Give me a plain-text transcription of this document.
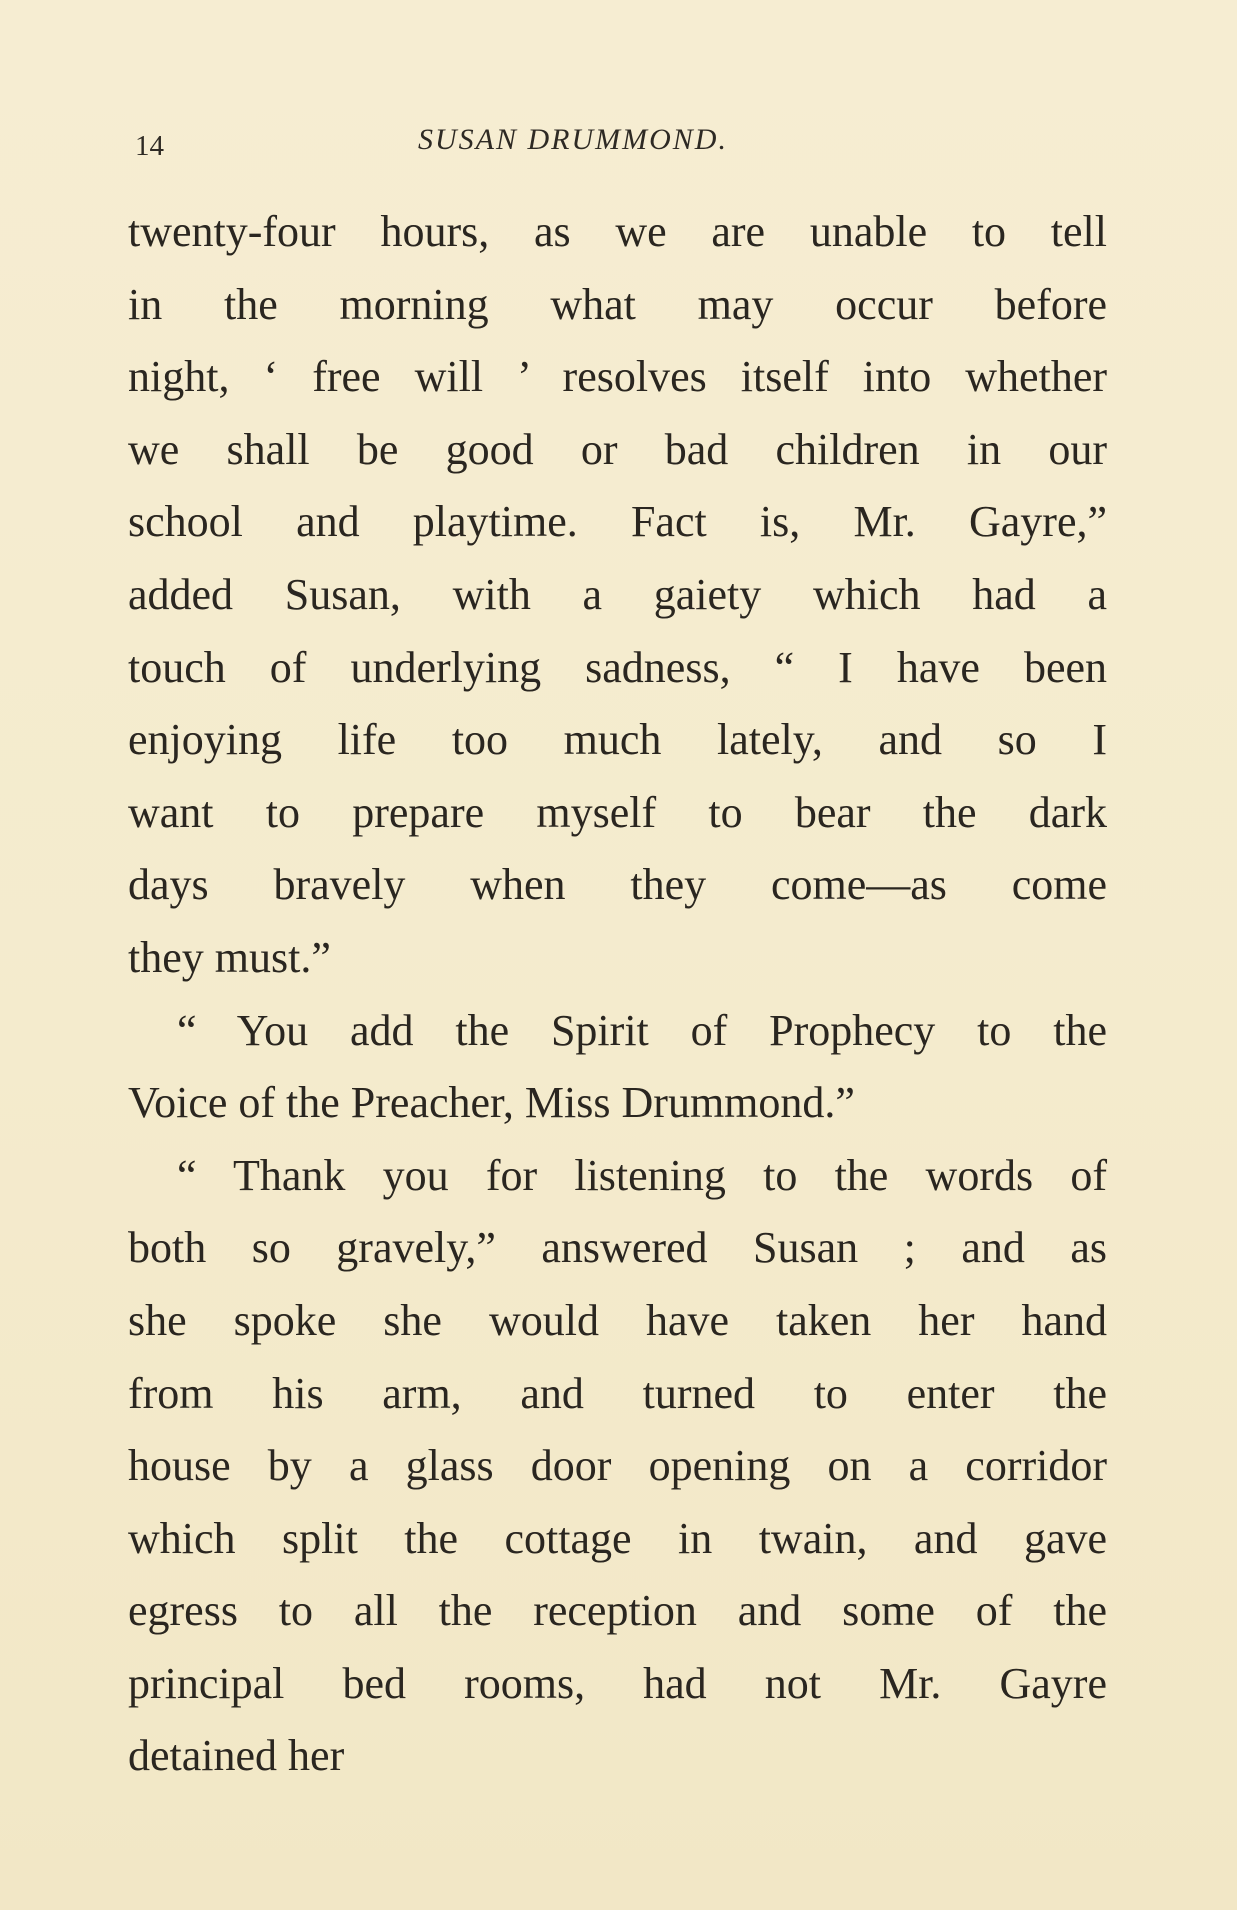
14	SUSAN DRUMMOND.
twenty-four hours, as we are unable to tell
in the morning what may occur before
night, ‘ free will ’ resolves itself into whether
we shall be good or bad children in our
school and playtime. Fact is, Mr. Gayre,”
added Susan, with a gaiety which had a
touch of underlying sadness, “ I have been
enjoying life too much lately, and so I
want to prepare myself to bear the dark
days bravely when they come—as come
they must.”
“ You add the Spirit of Prophecy to the
Voice of the Preacher, Miss Drummond.”
“ Thank you for listening to the words of
both so gravely,” answered Susan ; and as
she spoke she would have taken her hand
from his arm, and turned to enter the
house by a glass door opening on a corridor
which split the cottage in twain, and gave
egress to all the reception and some of the
principal bed rooms, had not Mr. Gayre
detained her
